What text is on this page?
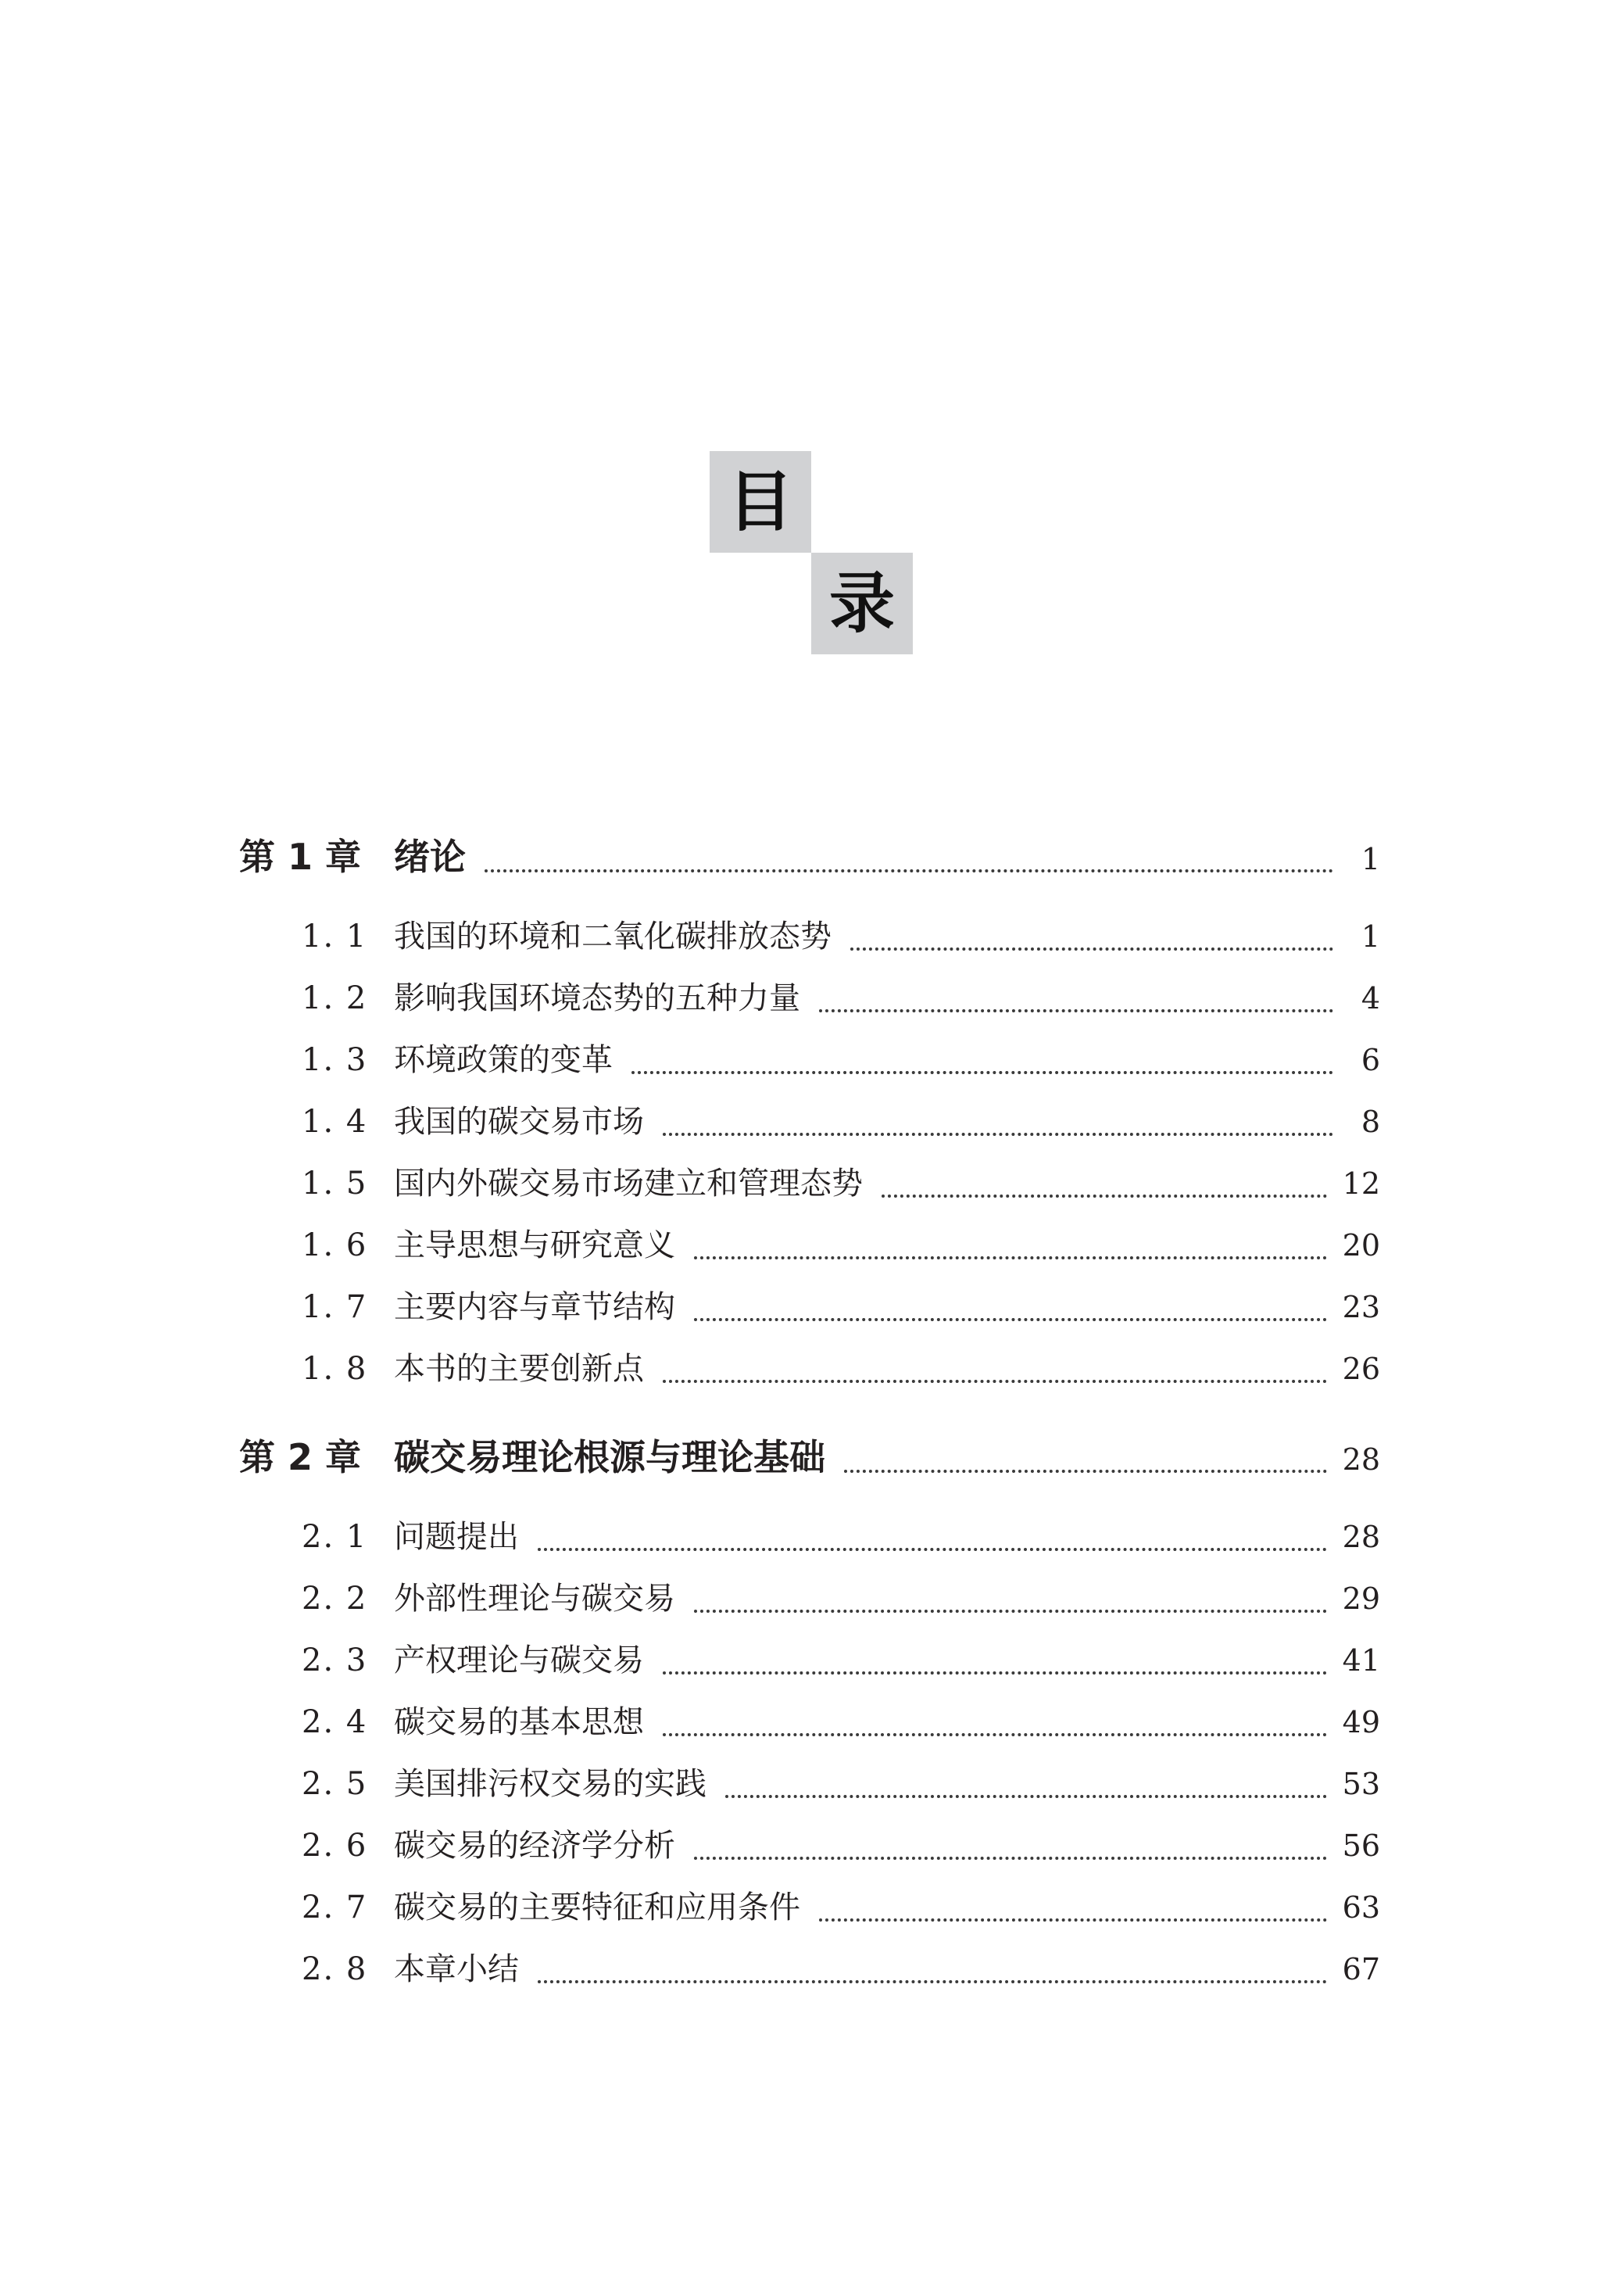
目
录
第 1 章 绪论	1
1. 1 我国的环境和二氧化碳排放态势	1
1. 2 影响我国环境态势的五种力量	4
1. 3 环境政策的变革	6
1. 4 我国的碳交易市场	8
1. 5 国内外碳交易市场建立和管理态势	12
1. 6 主导思想与研究意义	20
1. 7 主要内容与章节结构	23
1. 8 本书的主要创新点	26
第 2 章 碳交易理论根源与理论基础	28
2. 1 问题提出	28
2. 2 外部性理论与碳交易	29
2. 3 产权理论与碳交易	41
2. 4 碳交易的基本思想	49
2. 5 美国排污权交易的实践	53
2. 6 碳交易的经济学分析	56
2. 7 碳交易的主要特征和应用条件	63
2. 8 本章小结	67
